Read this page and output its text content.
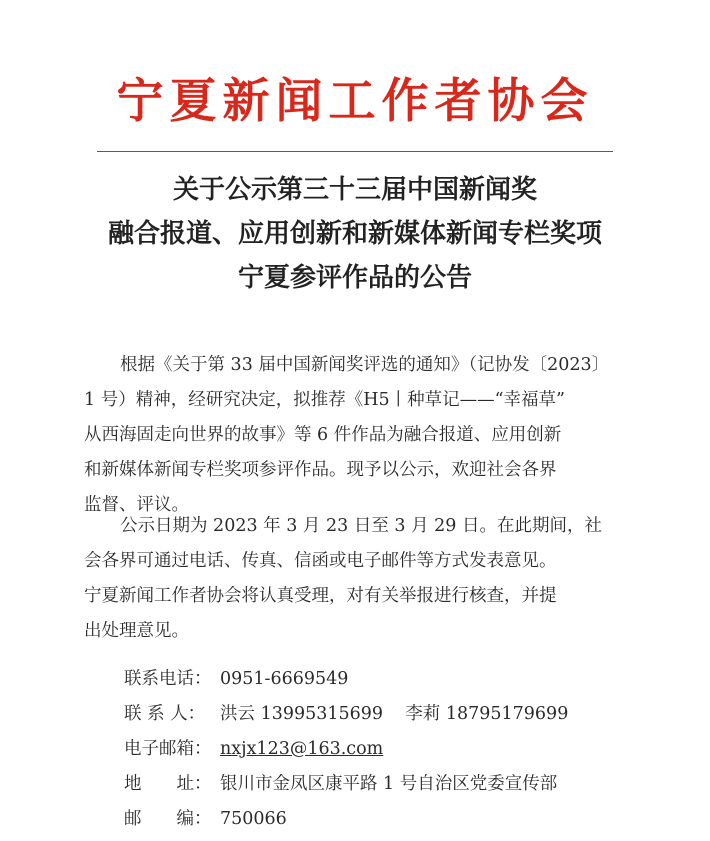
宁夏新闻工作者协会
关于公示第三十三届中国新闻奖
融合报道、应用创新和新媒体新闻专栏奖项
宁夏参评作品的公告
根据《关于第 33 届中国新闻奖评选的通知》（记协发〔2023〕
1 号）精神，经研究决定，拟推荐《H5丨种草记——“幸福草”
从西海固走向世界的故事》等 6 件作品为融合报道、应用创新
和新媒体新闻专栏奖项参评作品。现予以公示，欢迎社会各界
监督、评议。
公示日期为 2023 年 3 月 23 日至 3 月 29 日。在此期间，社
会各界可通过电话、传真、信函或电子邮件等方式发表意见。
宁夏新闻工作者协会将认真受理，对有关举报进行核查，并提
出处理意见。
联系电话： 0951-6669549
联 系 人： 洪云 13995315699    李莉 18795179699
电子邮箱： nxjx123@163.com
地　　址： 银川市金凤区康平路 1 号自治区党委宣传部
邮　　编： 750066
